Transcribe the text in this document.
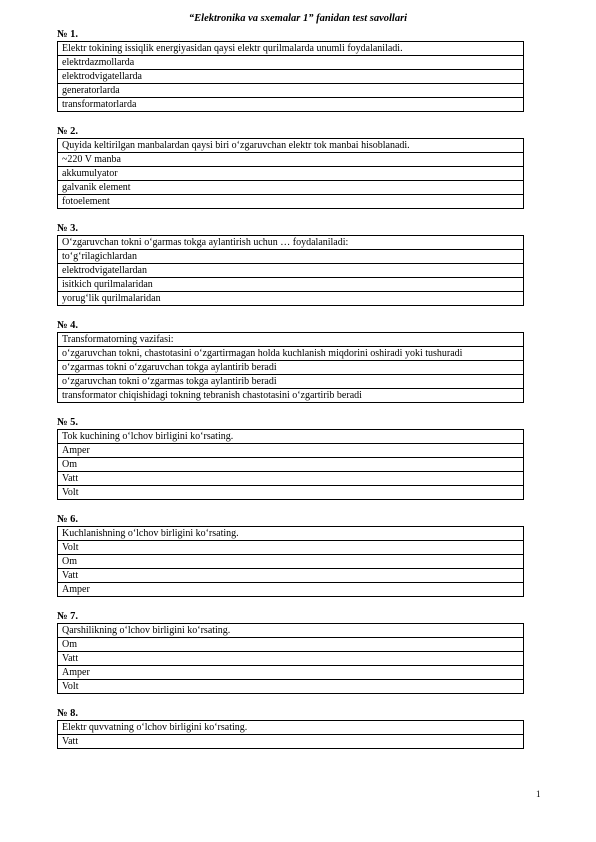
“Elektronika va sxemalar 1” fanidan test savollari
№ 1.
Elektr tokining issiqlik energiyasidan qaysi elektr qurilmalarda unumli foydalaniladi.
elektrdazmollarda
elektrodvigatellarda
generatorlarda
transformatorlarda
№ 2.
Quyida keltirilgan manbalardan qaysi biri o‘zgaruvchan elektr tok manbai hisoblanadi.
~220 V manba
akkumulyator
galvanik element
fotoelement
№ 3.
O‘zgaruvchan tokni o‘garmas tokga aylantirish uchun … foydalaniladi:
to‘g‘rilagichlardan
elektrodvigatellardan
isitkich qurilmalaridan
yorug‘lik qurilmalaridan
№ 4.
Transformatorning vazifasi:
o‘zgaruvchan tokni, chastotasini o‘zgartirmagan holda kuchlanish miqdorini oshiradi yoki tushuradi
o‘zgarmas tokni o‘zgaruvchan tokga aylantirib beradi
o‘zgaruvchan tokni o‘zgarmas tokga aylantirib beradi
transformator chiqishidagi tokning tebranish chastotasini o‘zgartirib beradi
№ 5.
Tok kuchining o‘lchov birligini ko‘rsating.
Amper
Om
Vatt
Volt
№ 6.
Kuchlanishning o‘lchov birligini ko‘rsating.
Volt
Om
Vatt
Amper
№ 7.
Qarshilikning o‘lchov birligini ko‘rsating.
Om
Vatt
Amper
Volt
№ 8.
Elektr quvvatning o‘lchov birligini ko‘rsating.
Vatt
1
